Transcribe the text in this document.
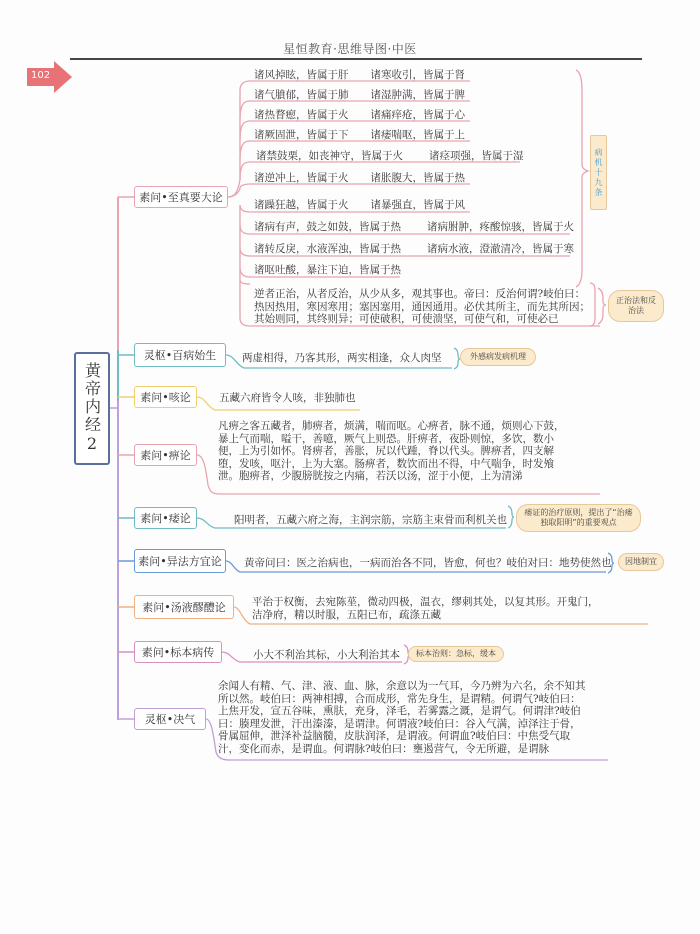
星恒教育·思维导图·中医
102
黄帝内经2
素问•至真要大论
诸风掉眩，皆属于肝 诸寒收引，皆属于肾
诸气膹郁，皆属于肺 诸湿肿满，皆属于脾
诸热瞀瘛，皆属于火 诸痛痒疮，皆属于心
诸厥固泄，皆属于下 诸痿喘呕，皆属于上
诸禁鼓栗，如丧神守，皆属于火 诸痉项强，皆属于湿
诸逆冲上，皆属于火 诸胀腹大，皆属于热
诸躁狂越，皆属于火 诸暴强直，皆属于风
诸病有声，鼓之如鼓，皆属于热 诸病胕肿，疼酸惊骇，皆属于火
诸转反戾，水液浑浊，皆属于热 诸病水液，澄澈清冷，皆属于寒
诸呕吐酸，暴注下迫，皆属于热
病机十九条
逆者正治，从者反治，从少从多，观其事也。帝曰：反治何谓?岐伯曰：
热因热用，寒因寒用；塞因塞用，通因通用。必伏其所主，而先其所因；
其始则同，其终则异；可使破积，可使溃坚，可使气和，可使必已
正治法和反治法
灵枢•百病始生 两虚相得，乃客其形，两实相逢，众人肉坚	外感病发病机理
素问•咳论	五藏六府皆令人咳，非独肺也
素问•痹论
凡痹之客五藏者，肺痹者，烦满，喘而呕。心痹者，脉不通，烦则心下鼓，
暴上气而喘，嗌干，善噫，厥气上则恐。肝痹者，夜卧则惊，多饮，数小
便，上为引如怀。肾痹者，善胀，尻以代踵，脊以代头。脾痹者，四支解
堕，发咳，呕汁，上为大塞。肠痹者，数饮而出不得，中气喘争，时发飧
泄。胞痹者，少腹膀胱按之内痛，若沃以汤，涩于小便，上为清涕
素问•痿论	阳明者，五藏六府之海，主润宗筋，宗筋主束骨而利机关也
痿证的治疗原则，提出了“治痿独取阳明”的重要观点
素问•异法方宜论 黄帝问曰：医之治病也，一病而治各不同，皆愈，何也？岐伯对曰：地势使然也 因地制宜
素问•汤液醪醴论	平治于权衡，去宛陈莝，微动四极，温衣，缪刺其处，以复其形。开鬼门，
洁净府，精以时服，五阳已布，疏涤五藏
素问•标本病传	小大不利治其标，小大利治其本 标本治则：急标，缓本
灵枢•决气
余闻人有精、气、津、液、血、脉，余意以为一气耳，今乃辨为六名，余不知其
所以然。岐伯曰：两神相搏，合而成形，常先身生，是谓精。何谓气?岐伯曰：
上焦开发，宣五谷味，熏肤，充身，泽毛，若雾露之溉，是谓气。何谓津?岐伯
曰：腠理发泄，汗出溱溱，是谓津。何谓液?岐伯曰：谷入气满，淖泽注于骨，
骨属屈伸，泄泽补益脑髓，皮肤润泽，是谓液。何谓血?岐伯曰：中焦受气取
汁，变化而赤，是谓血。何谓脉?岐伯曰：壅遏营气，令无所避，是谓脉
